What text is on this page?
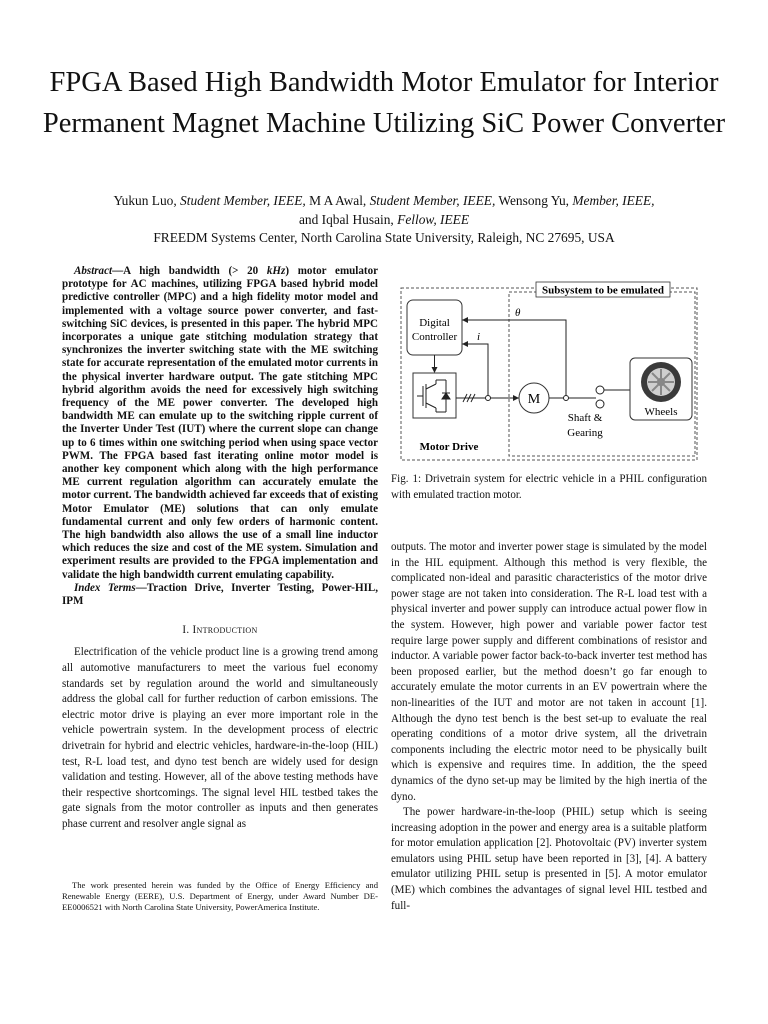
FPGA Based High Bandwidth Motor Emulator for Interior Permanent Magnet Machine Utilizing SiC Power Converter
Yukun Luo, Student Member, IEEE, M A Awal, Student Member, IEEE, Wensong Yu, Member, IEEE,
and Iqbal Husain, Fellow, IEEE
FREEDM Systems Center, North Carolina State University, Raleigh, NC 27695, USA

Abstract—A high bandwidth (> 20 kHz) motor emulator prototype for AC machines, utilizing FPGA based hybrid model predictive controller (MPC) and a high fidelity motor model and implemented with a voltage source power converter, and fast-switching SiC devices, is presented in this paper. The hybrid MPC incorporates a unique gate stitching modulation strategy that synchronizes the inverter switching state with the ME switching state for accurate representation of the emulated motor currents in the physical inverter hardware output. The gate stitching MPC hybrid algorithm avoids the need for excessively high switching frequency of the ME power converter. The developed high bandwidth ME can emulate up to the switching ripple current of the Inverter Under Test (IUT) where the current slope can change up to 6 times within one switching period when using space vector PWM. The FPGA based fast iterating online motor model is another key component which along with the high performance ME current regulation algorithm can accurately emulate the motor current. The bandwidth achieved far exceeds that of existing Motor Emulator (ME) solutions that can only emulate fundamental current and only few orders of harmonic content. The high bandwidth also allows the use of a small line inductor which reduces the size and cost of the ME system. Simulation and experiment results are provided to the FPGA implementation and validate the high bandwidth current emulating capability.

Index Terms—Traction Drive, Inverter Testing, Power-HIL, IPM

I. Introduction

Electrification of the vehicle product line is a growing trend among all automotive manufacturers to meet the various fuel economy standards set by regulation around the world and simultaneously address the global call for further reduction of carbon emissions. The electric motor drive is playing an ever more important role in the vehicle powertrain system. In the development process of electric drivetrain for hybrid and electric vehicles, hardware-in-the-loop (HIL) test, R-L load test, and dyno test bench are widely used for design validation and testing. However, all of the above testing methods have their respective shortcomings. The signal level HIL testbed takes the gate signals from the motor controller as inputs and then generates phase current and resolver angle signal as

The work presented herein was funded by the Office of Energy Efficiency and Renewable Energy (EERE), U.S. Department of Energy, under Award Number DE-EE0006521 with North Carolina State University, PowerAmerica Institute.

Subsystem to be emulated
Digital
Controller
θ
i
M
Shaft &
Gearing
Wheels
Motor Drive
Fig. 1: Drivetrain system for electric vehicle in a PHIL configuration with emulated traction motor.

outputs. The motor and inverter power stage is simulated by the model in the HIL equipment. Although this method is very flexible, the complicated non-ideal and parasitic characteristics of the motor drive power stage are not taken into consideration. The R-L load test with a physical inverter and power supply can introduce actual power flow in the system. However, high power and variable power factor test require large power supply and different combinations of resistor and inductor. A variable power factor back-to-back inverter test method has been proposed earlier, but the method doesn’t go far enough to accurately emulate the motor currents in an EV powertrain where the non-linearities of the IUT and motor are not taken in account [1]. Although the dyno test bench is the best set-up to evaluate the real operating conditions of a motor drive system, all the drivetrain components including the electric motor need to be physically built which is expensive and requires time. In addition, the the speed dynamics of the dyno set-up may be limited by the high inertia of the dyno.

The power hardware-in-the-loop (PHIL) setup which is seeing increasing adoption in the power and energy area is a suitable platform for motor emulation application [2]. Photovoltaic (PV) inverter system emulators using PHIL setup have been reported in [3], [4]. A battery emulator utilizing PHIL setup is presented in [5]. A motor emulator (ME) which combines the advantages of signal level HIL testbed and full-
